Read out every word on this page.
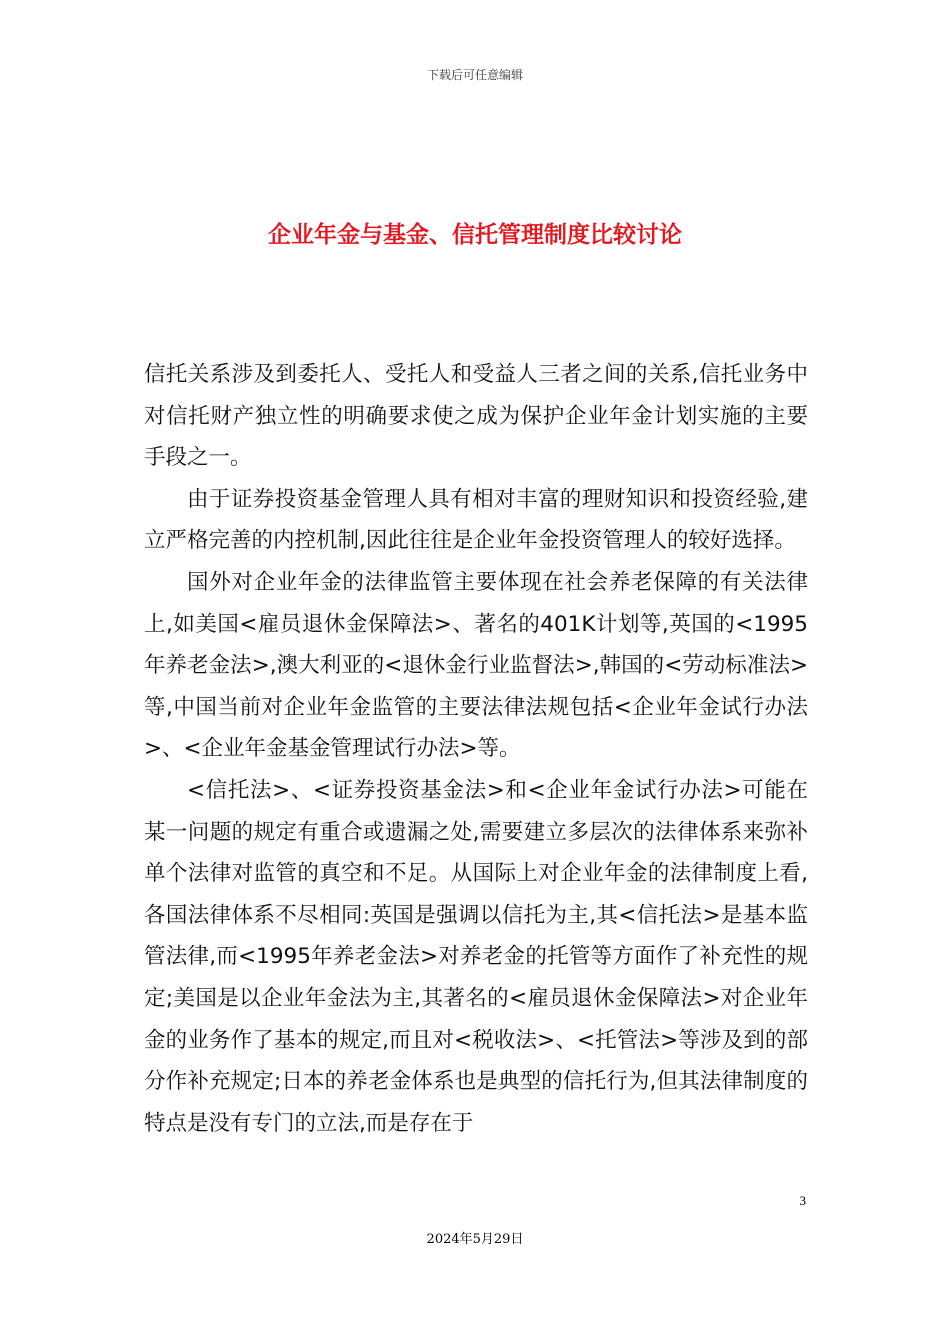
下载后可任意编辑
企业年金与基金、信托管理制度比较讨论

信托关系涉及到委托人、受托人和受益人三者之间的关系,信托业务中对信托财产独立性的明确要求使之成为保护企业年金计划实施的主要手段之一。

由于证券投资基金管理人具有相对丰富的理财知识和投资经验,建立严格完善的内控机制,因此往往是企业年金投资管理人的较好选择。

国外对企业年金的法律监管主要体现在社会养老保障的有关法律上,如美国<雇员退休金保障法>、著名的401K计划等,英国的<1995年养老金法>,澳大利亚的<退休金行业监督法>,韩国的<劳动标准法>等,中国当前对企业年金监管的主要法律法规包括<企业年金试行办法>、<企业年金基金管理试行办法>等。

<信托法>、<证券投资基金法>和<企业年金试行办法>可能在某一问题的规定有重合或遗漏之处,需要建立多层次的法律体系来弥补单个法律对监管的真空和不足。从国际上对企业年金的法律制度上看,各国法律体系不尽相同:英国是强调以信托为主,其<信托法>是基本监管法律,而<1995年养老金法>对养老金的托管等方面作了补充性的规定;美国是以企业年金法为主,其著名的<雇员退休金保障法>对企业年金的业务作了基本的规定,而且对<税收法>、<托管法>等涉及到的部分作补充规定;日本的养老金体系也是典型的信托行为,但其法律制度的特点是没有专门的立法,而是存在于

3
2024年5月29日
